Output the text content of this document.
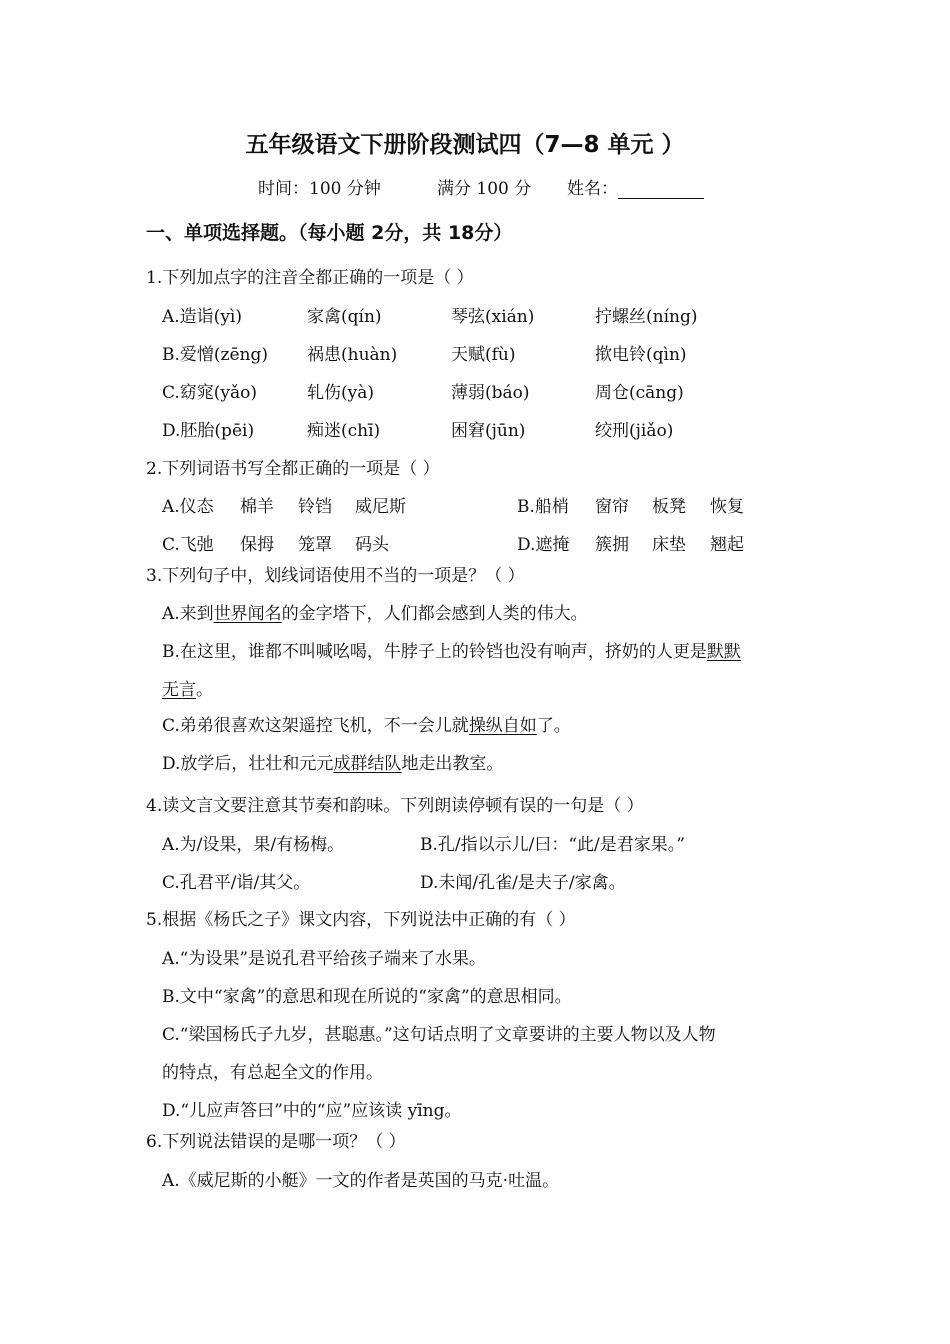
五年级语文下册阶段测试四（7—8 单元 ）
时间：100 分钟	满分 100 分 姓名：
一、单项选择题。（每小题 2分，共 18分）
1.下列加点字的注音全都正确的一项是（ ）
A.造诣(yì)	家禽(qín)	琴弦(xián)	拧螺丝(níng)
B.爱憎(zēng) 祸患(huàn)	天赋(fù)	揿电铃(qìn)
C.窈窕(yǎo)	轧伤(yà)	薄弱(báo)	周仓(cāng)
D.胚胎(pēi)	痴迷(chī)	困窘(jūn)	绞刑(jiǎo)
2.下列词语书写全都正确的一项是（ ）
A.仪态 棉羊 铃铛 威尼斯	B.船梢 窗帘 板凳 恢复
C.飞弛 保拇 笼罩 码头	D.遮掩 簇拥 床垫 翘起
3.下列句子中，划线词语使用不当的一项是？（ ）
A.来到世界闻名的金字塔下，人们都会感到人类的伟大。
B.在这里，谁都不叫喊吆喝，牛脖子上的铃铛也没有响声，挤奶的人更是默默
无言。
C.弟弟很喜欢这架遥控飞机，不一会儿就操纵自如了。
D.放学后，壮壮和元元成群结队地走出教室。
4.读文言文要注意其节奏和韵味。下列朗读停顿有误的一句是（ ）
A.为/设果，果/有杨梅。	B.孔/指以示儿/曰：“此/是君家果。”
C.孔君平/诣/其父。	D.未闻/孔雀/是夫子/家禽。
5.根据《杨氏之子》课文内容，下列说法中正确的有（ ）
A.“为设果”是说孔君平给孩子端来了水果。
B.文中“家禽”的意思和现在所说的“家禽”的意思相同。
C.“梁国杨氏子九岁，甚聪惠。”这句话点明了文章要讲的主要人物以及人物
的特点，有总起全文的作用。
D.“儿应声答曰”中的“应”应该读 yīng。
6.下列说法错误的是哪一项？（ ）
A.《威尼斯的小艇》一文的作者是英国的马克·吐温。
